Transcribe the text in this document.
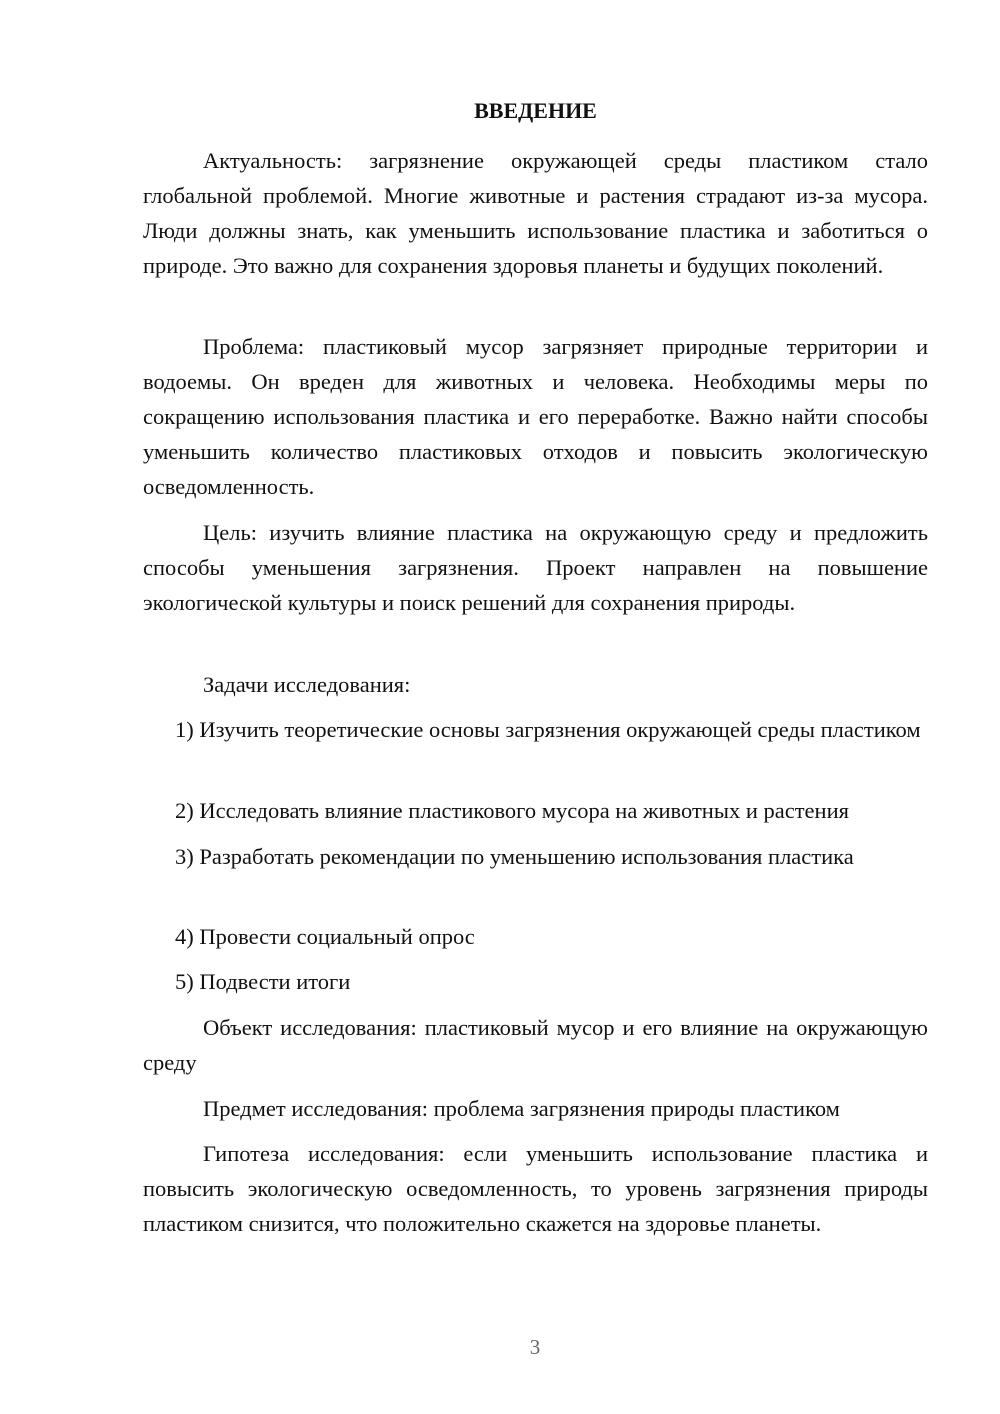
ВВЕДЕНИЕ

Актуальность: загрязнение окружающей среды пластиком стало глобальной проблемой. Многие животные и растения страдают из-за мусора. Люди должны знать, как уменьшить использование пластика и заботиться о природе. Это важно для сохранения здоровья планеты и будущих поколений.

Проблема: пластиковый мусор загрязняет природные территории и водоемы. Он вреден для животных и человека. Необходимы меры по сокращению использования пластика и его переработке. Важно найти способы уменьшить количество пластиковых отходов и повысить экологическую осведомленность.

Цель: изучить влияние пластика на окружающую среду и предложить способы уменьшения загрязнения. Проект направлен на повышение экологической культуры и поиск решений для сохранения природы.

Задачи исследования:

1) Изучить теоретические основы загрязнения окружающей среды пластиком

2) Исследовать влияние пластикового мусора на животных и растения

3) Разработать рекомендации по уменьшению использования пластика

4) Провести социальный опрос

5) Подвести итоги

Объект исследования: пластиковый мусор и его влияние на окружающую среду

Предмет исследования: проблема загрязнения природы пластиком

Гипотеза исследования: если уменьшить использование пластика и повысить экологическую осведомленность, то уровень загрязнения природы пластиком снизится, что положительно скажется на здоровье планеты.

3
